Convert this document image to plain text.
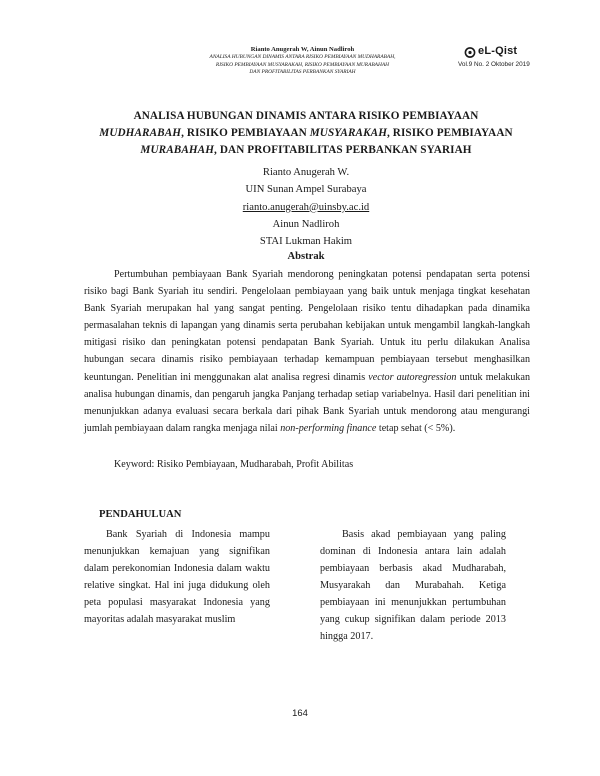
Rianto Anugerah W, Ainun Nadliroh
ANALISA HUBUNGAN DINAMIS ANTARA RISIKO PEMBIAYAAN MUDHARABAH,
RISIKO PEMBIAYAAN MUSYARAKAH, RISIKO PEMBIAYAAN MURABAHAH
DAN PROFITABILITAS PERBANKAN SYARIAH
eL-Qist
Vol.9 No. 2 Oktober 2019
ANALISA HUBUNGAN DINAMIS ANTARA RISIKO PEMBIAYAAN
MUDHARABAH, RISIKO PEMBIAYAAN MUSYARAKAH, RISIKO PEMBIAYAAN
MURABAHAH, DAN PROFITABILITAS PERBANKAN SYARIAH
Rianto Anugerah W.
UIN Sunan Ampel Surabaya
rianto.anugerah@uinsby.ac.id
Ainun Nadliroh
STAI Lukman Hakim
Abstrak

Pertumbuhan pembiayaan Bank Syariah mendorong peningkatan potensi pendapatan serta potensi risiko bagi Bank Syariah itu sendiri. Pengelolaan pembiayaan yang baik untuk menjaga tingkat kesehatan Bank Syariah merupakan hal yang sangat penting. Pengelolaan risiko tentu dihadapkan pada dinamika permasalahan teknis di lapangan yang dinamis serta perubahan kebijakan untuk mengambil langkah-langkah mitigasi risiko dan peningkatan potensi pendapatan Bank Syariah. Untuk itu perlu dilakukan Analisa hubungan secara dinamis risiko pembiayaan terhadap kemampuan pembiayaan tersebut menghasilkan keuntungan. Penelitian ini menggunakan alat analisa regresi dinamis vector autoregression untuk melakukan analisa hubungan dinamis, dan pengaruh jangka Panjang terhadap setiap variabelnya. Hasil dari penelitian ini menunjukkan adanya evaluasi secara berkala dari pihak Bank Syariah untuk mendorong atau mengurangi jumlah pembiayaan dalam rangka menjaga nilai non-performing finance tetap sehat (< 5%).

Keyword: Risiko Pembiayaan, Mudharabah, Profit Abilitas
PENDAHULUAN

Bank Syariah di Indonesia mampu menunjukkan kemajuan yang signifikan dalam perekonomian Indonesia dalam waktu relative singkat. Hal ini juga didukung oleh peta populasi masyarakat Indonesia yang mayoritas adalah masyarakat muslim

Basis akad pembiayaan yang paling dominan di Indonesia antara lain adalah pembiayaan berbasis akad Mudharabah, Musyarakah dan Murabahah. Ketiga pembiayaan ini menunjukkan pertumbuhan yang cukup signifikan dalam periode 2013 hingga 2017.

164
